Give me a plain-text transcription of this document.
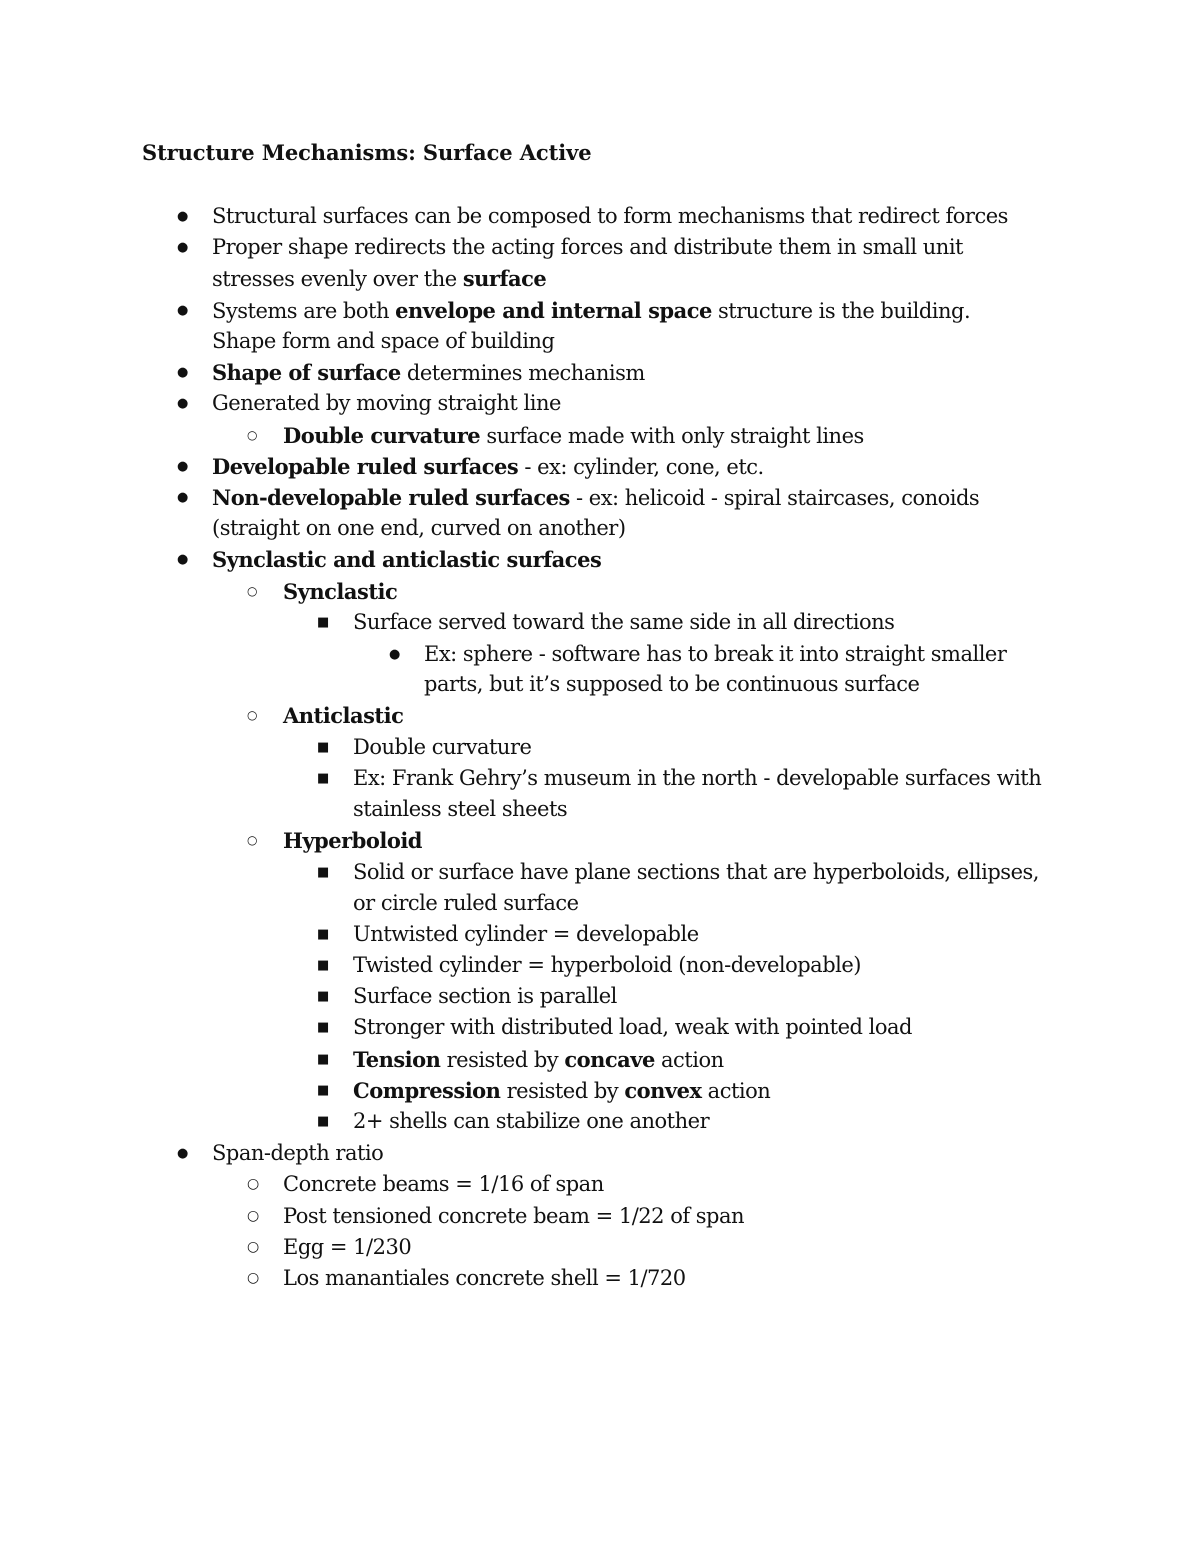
Structure Mechanisms: Surface Active
● Structural surfaces can be composed to form mechanisms that redirect forces
● Proper shape redirects the acting forces and distribute them in small unit
stresses evenly over the surface
● Systems are both envelope and internal space structure is the building.
Shape form and space of building
● Shape of surface determines mechanism
● Generated by moving straight line
○ Double curvature surface made with only straight lines
● Developable ruled surfaces - ex: cylinder, cone, etc.
● Non-developable ruled surfaces - ex: helicoid - spiral staircases, conoids
(straight on one end, curved on another)
● Synclastic and anticlastic surfaces
○ Synclastic
■ Surface served toward the same side in all directions
● Ex: sphere - software has to break it into straight smaller
parts, but it’s supposed to be continuous surface
○ Anticlastic
■ Double curvature
■ Ex: Frank Gehry’s museum in the north - developable surfaces with
stainless steel sheets
○ Hyperboloid
■ Solid or surface have plane sections that are hyperboloids, ellipses,
or circle ruled surface
■ Untwisted cylinder = developable
■ Twisted cylinder = hyperboloid (non-developable)
■ Surface section is parallel
■ Stronger with distributed load, weak with pointed load
■ Tension resisted by concave action
■ Compression resisted by convex action
■ 2+ shells can stabilize one another
● Span-depth ratio
○ Concrete beams = 1/16 of span
○ Post tensioned concrete beam = 1/22 of span
○ Egg = 1/230
○ Los manantiales concrete shell = 1/720
